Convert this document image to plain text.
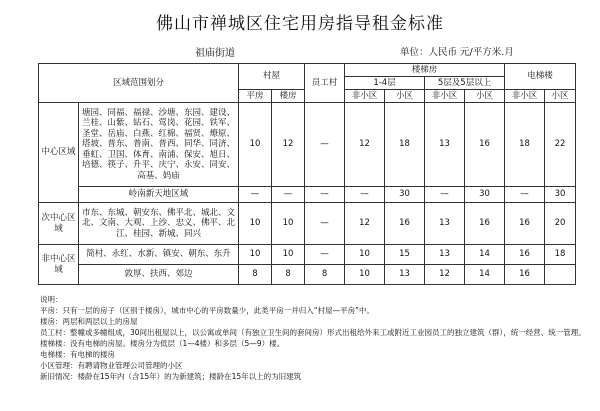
佛山市禅城区住宅用房指导租金标准
祖庙街道	单位：人民币 元/平方米.月
区域范围划分		村屋		员工村	楼梯房				电梯楼	
					1-4层		5层及5层以上			
		平房	楼房		非小区	小区	非小区	小区	非小区	小区
中心区域	塘园、同福、福禄、沙塘、东园、建设、兰桂、山紫、钻石、莺岗、花园、铁军、圣堂、岳庙、白燕、红棉、福贤、燎原、塔坡、普东、普南、普西、同华、同济、垂虹、卫国、体育、南浦、保安、旭日、培德、筷子、升平、庆宁、永安、同安、高基、妈庙	10	12	—	12	18	13	16	18	22
	岭南新天地区域	—	—	—	—	30	—	30	—	30
次中心区域	市东、东城、朝安东、佛平北、城北、文北、文南、大观、上沙、忠义、佛平、北江、桂园、新城、同兴	10	10	—	12	16	13	16	16	20
非中心区域	简村、永红、水新、镇安、朝东、东升	10	10	—	10	15	13	14	16	18
	敦厚、扶西、郊边	8	8	8	10	13	12	14	16	
说明：
平房：只有一层的房子（区别于楼房），城市中心的平房数量少，此类平房一并归入“村屋—平房”中。
楼房：两层和两层以上的房屋
员工村：整幢或多幢组成，30间出租屋以上，以公寓或单间（有独立卫生间的套间房）形式出租给外来工或附近工业园员工的独立建筑（群），统一经营、统一管理。
楼梯楼：没有电梯的房屋。楼房分为低层（1—4楼）和多层（5—9）楼。
电梯楼：有电梯的楼房
小区管理：有聘请物业管理公司管理的小区
新旧情况：楼龄在15年内（含15年）的为新建筑；楼龄在15年以上的为旧建筑
